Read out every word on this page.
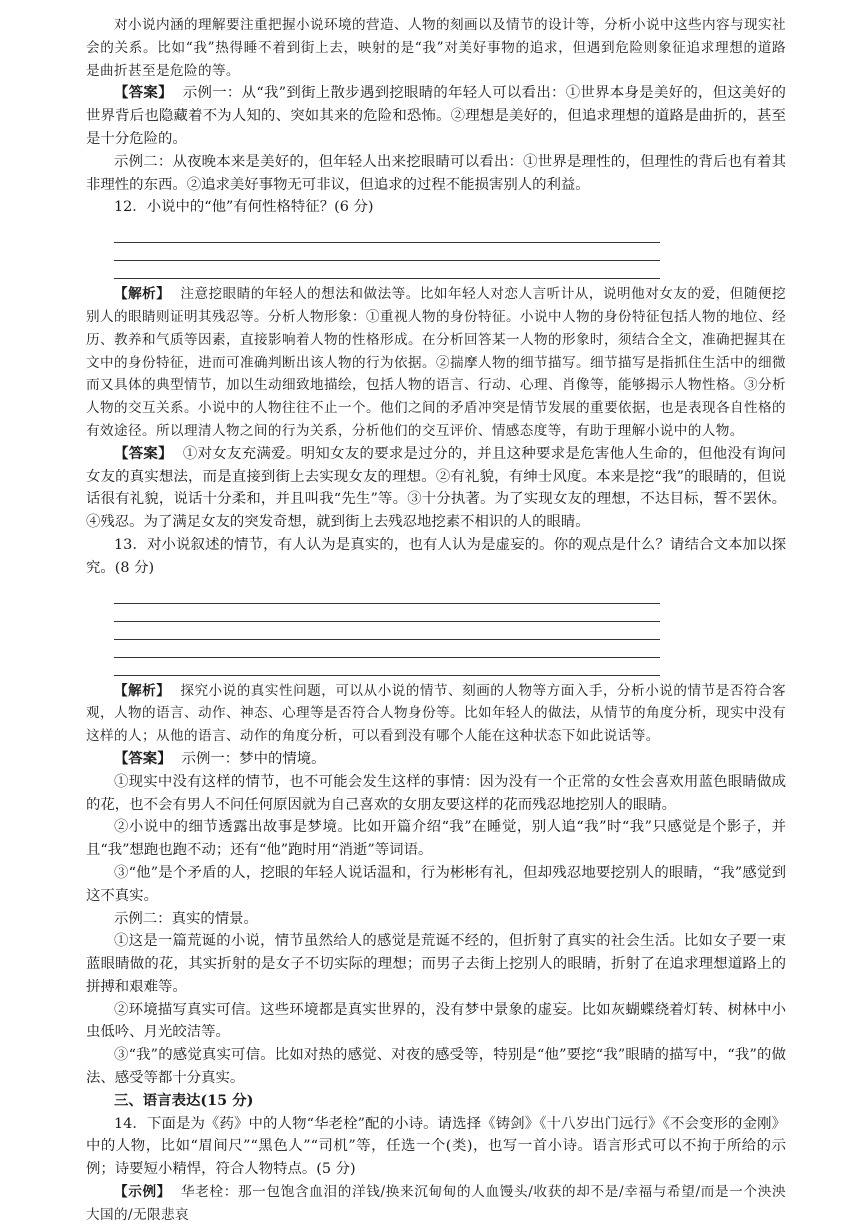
对小说内涵的理解要注重把握小说环境的营造、人物的刻画以及情节的设计等，分析小说中这些内容与现实社会的关系。比如“我”热得睡不着到街上去，映射的是“我”对美好事物的追求，但遇到危险则象征追求理想的道路是曲折甚至是危险的等。

【 答案 】 示例一：从“我”到街上散步遇到挖眼睛的年轻人可以看出：①世界本身是美好的，但这美好的世界背后也隐藏着不为人知的、突如其来的危险和恐怖。②理想是美好的，但追求理想的道路是曲折的，甚至是十分危险的。

示例二：从夜晚本来是美好的，但年轻人出来挖眼睛可以看出：①世界是理性的，但理性的背后也有着其非理性的东西。②追求美好事物无可非议，但追求的过程不能损害别人的利益。

12．小说中的“他”有何性格特征？(6 分)

【 解析 】 注意挖眼睛的年轻人的想法和做法等。比如年轻人对恋人言听计从，说明他对女友的爱，但随便挖别人的眼睛则证明其残忍等。分析人物形象：①重视人物的身份特征。小说中人物的身份特征包括人物的地位、经历、教养和气质等因素，直接影响着人物的性格形成。在分析回答某一人物的形象时，须结合全文，准确把握其在文中的身份特征，进而可准确判断出该人物的行为依据。②揣摩人物的细节描写。细节描写是指抓住生活中的细微而又具体的典型情节，加以生动细致地描绘，包括人物的语言、行动、心理、肖像等，能够揭示人物性格。③分析人物的交互关系。小说中的人物往往不止一个。他们之间的矛盾冲突是情节发展的重要依据，也是表现各自性格的有效途径。所以理清人物之间的行为关系，分析他们的交互评价、情感态度等，有助于理解小说中的人物。

【 答案 】 ①对女友充满爱。明知女友的要求是过分的，并且这种要求是危害他人生命的，但他没有询问女友的真实想法，而是直接到街上去实现女友的理想。②有礼貌，有绅士风度。本来是挖“我”的眼睛的，但说话很有礼貌，说话十分柔和，并且叫我“先生”等。③十分执著。为了实现女友的理想，不达目标，誓不罢休。④残忍。为了满足女友的突发奇想，就到街上去残忍地挖素不相识的人的眼睛。

13．对小说叙述的情节，有人认为是真实的，也有人认为是虚妄的。你的观点是什么？请结合文本加以探究。(8 分)

【 解析 】 探究小说的真实性问题，可以从小说的情节、刻画的人物等方面入手，分析小说的情节是否符合客观，人物的语言、动作、神态、心理等是否符合人物身份等。比如年轻人的做法，从情节的角度分析，现实中没有这样的人；从他的语言、动作的角度分析，可以看到没有哪个人能在这种状态下如此说话等。

【 答案 】 示例一：梦中的情境。

①现实中没有这样的情节，也不可能会发生这样的事情：因为没有一个正常的女性会喜欢用蓝色眼睛做成的花，也不会有男人不问任何原因就为自己喜欢的女朋友要这样的花而残忍地挖别人的眼睛。

②小说中的细节透露出故事是梦境。比如开篇介绍“我”在睡觉，别人追“我”时“我”只感觉是个影子，并且“我”想跑也跑不动；还有“他”跑时用“消逝”等词语。

③“他”是个矛盾的人，挖眼的年轻人说话温和，行为彬彬有礼，但却残忍地要挖别人的眼睛，“我”感觉到这不真实。

示例二：真实的情景。

①这是一篇荒诞的小说，情节虽然给人的感觉是荒诞不经的，但折射了真实的社会生活。比如女子要一束蓝眼睛做的花，其实折射的是女子不切实际的理想；而男子去街上挖别人的眼睛，折射了在追求理想道路上的拼搏和艰难等。

②环境描写真实可信。这些环境都是真实世界的，没有梦中景象的虚妄。比如灰蝴蝶绕着灯转、树林中小虫低吟、月光皎洁等。

③“我”的感觉真实可信。比如对热的感觉、对夜的感受等，特别是“他”要挖“我”眼睛的描写中，“我”的做法、感受等都十分真实。

三、语言表达(15 分)

14．下面是为《药》中的人物“华老栓”配的小诗。请选择《铸剑》《十八岁出门远行》《不会变形的金刚》中的人物，比如“眉间尺”“黑色人”“司机”等，任选一个(类)，也写一首小诗。语言形式可以不拘于所给的示例；诗要短小精悍，符合人物特点。(5 分)

【 示例 】 华老栓：那一包饱含血泪的洋钱/换来沉甸甸的人血馒头/收获的却不是/幸福与希望/而是一个泱泱大国的/无限悲哀
